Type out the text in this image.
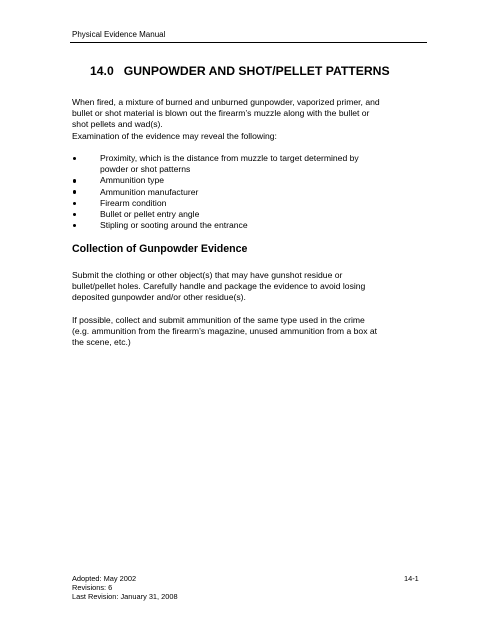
Physical Evidence Manual
14.0 GUNPOWDER AND SHOT/PELLET PATTERNS

When fired, a mixture of burned and unburned gunpowder, vaporized primer, and
bullet or shot material is blown out the firearm’s muzzle along with the bullet or
shot pellets and wad(s).

Examination of the evidence may reveal the following:

Proximity, which is the distance from muzzle to target determined by
powder or shot patterns
Ammunition type
Ammunition manufacturer
Firearm condition
Bullet or pellet entry angle
Stipling or sooting around the entrance
Collection of Gunpowder Evidence

Submit the clothing or other object(s) that may have gunshot residue or
bullet/pellet holes. Carefully handle and package the evidence to avoid losing
deposited gunpowder and/or other residue(s).

If possible, collect and submit ammunition of the same type used in the crime
(e.g. ammunition from the firearm’s magazine, unused ammunition from a box at
the scene, etc.)

Adopted: May 2002
Revisions: 6
Last Revision: January 31, 2008
14-1
